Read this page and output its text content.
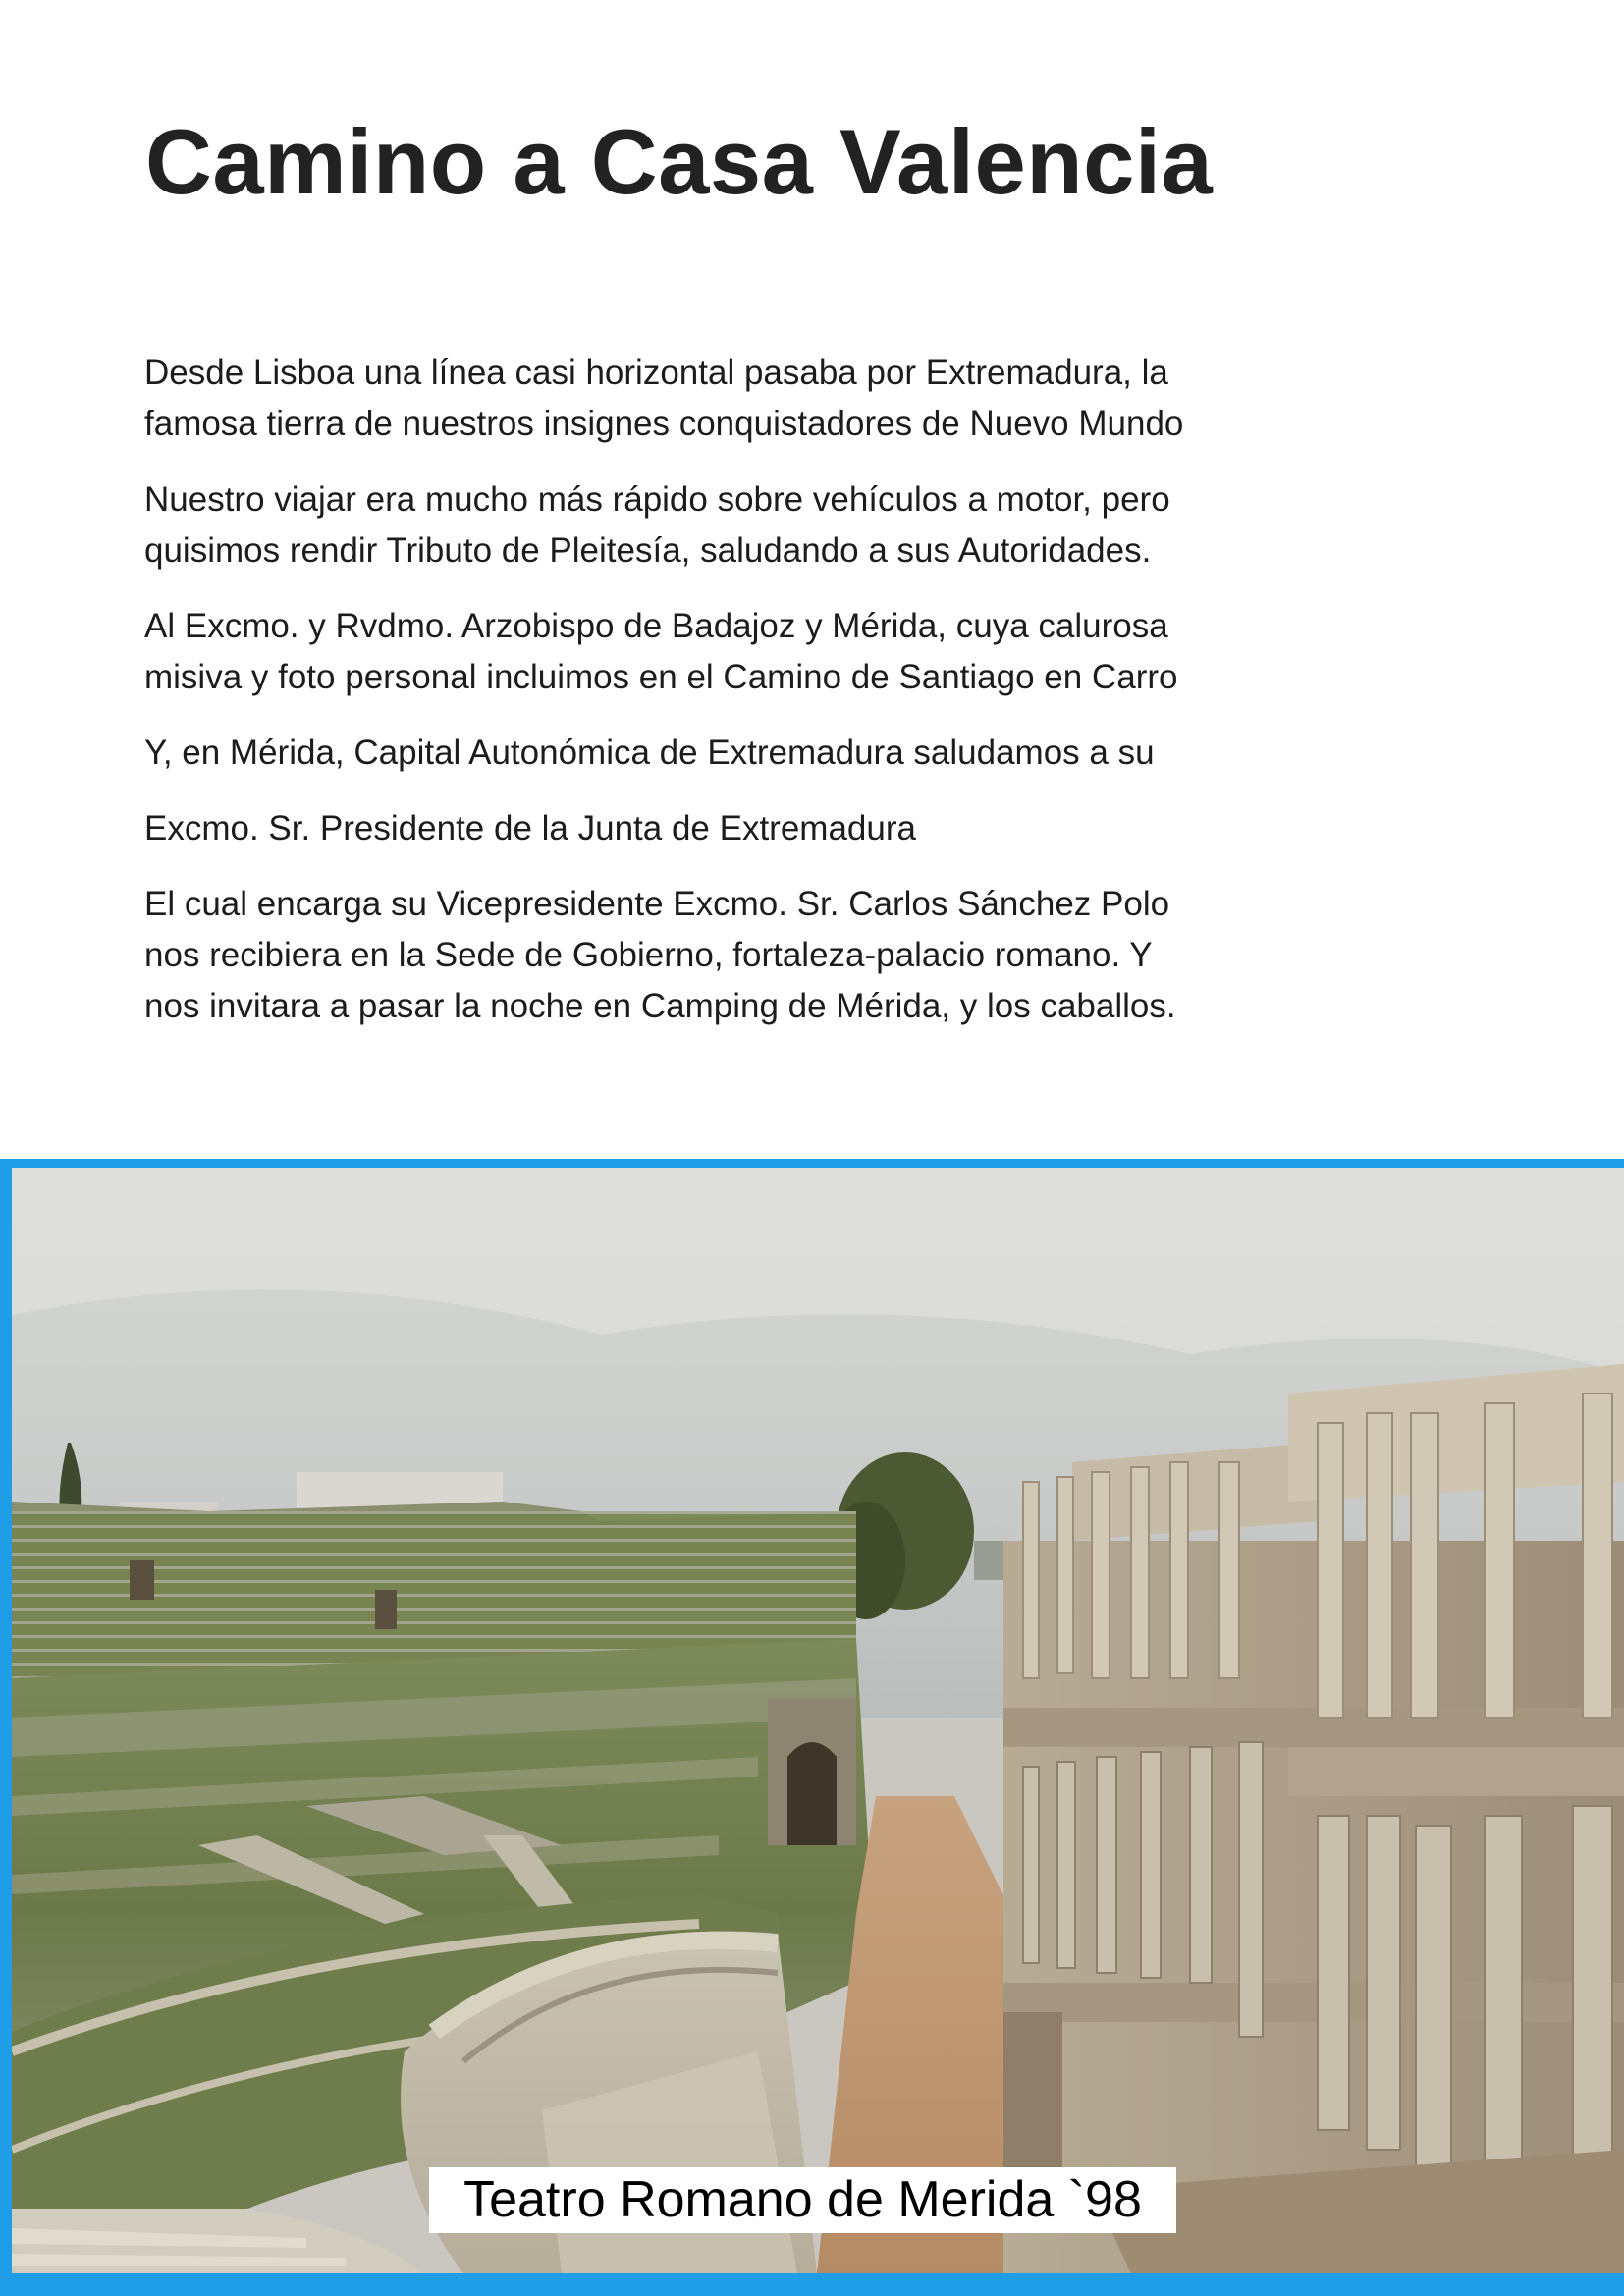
Camino a Casa Valencia

Desde Lisboa una línea casi horizontal pasaba por Extremadura, la
famosa tierra de nuestros insignes conquistadores de Nuevo Mundo

Nuestro viajar era mucho más rápido sobre vehículos a motor, pero
quisimos rendir Tributo de Pleitesía, saludando a sus Autoridades.

Al Excmo. y Rvdmo. Arzobispo de Badajoz y Mérida, cuya calurosa
misiva y foto personal incluimos en el Camino de Santiago en Carro

Y, en Mérida, Capital Autonómica de Extremadura saludamos a su

Excmo. Sr. Presidente de la Junta de Extremadura

El cual encarga su Vicepresidente Excmo. Sr. Carlos Sánchez Polo
nos recibiera en la Sede de Gobierno, fortaleza-palacio romano. Y
nos invitara a pasar la noche en Camping de Mérida, y los caballos.

Teatro Romano de Merida `98
